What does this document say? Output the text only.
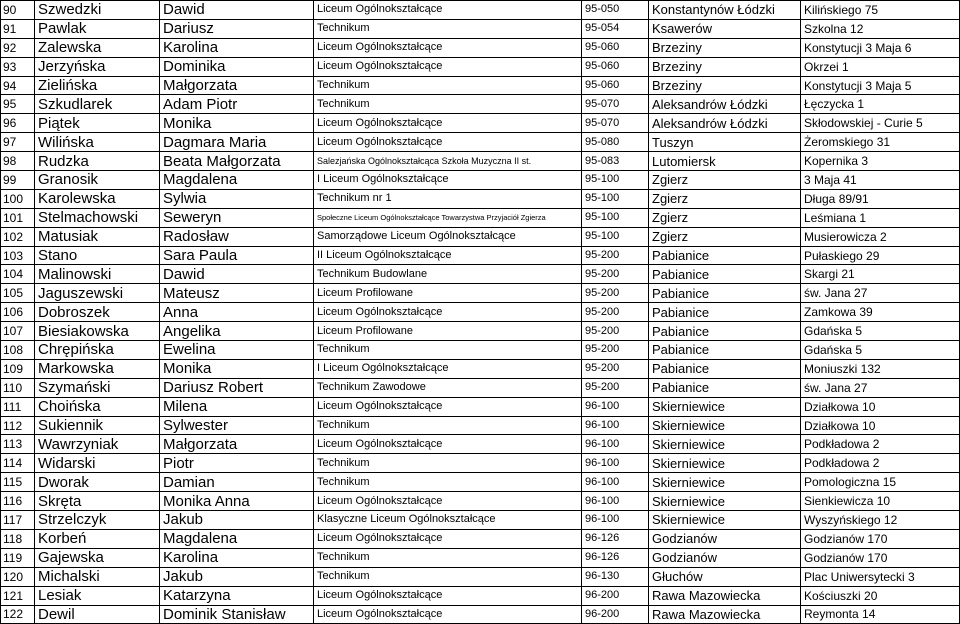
90	Szwedzki	Dawid	Liceum Ogólnokształcące	95-050	Konstantynów Łódzki	Kilińskiego 75
91	Pawlak	Dariusz	Technikum	95-054	Ksawerów	Szkolna 12
92	Zalewska	Karolina	Liceum Ogólnokształcące	95-060	Brzeziny	Konstytucji 3 Maja 6
93	Jerzyńska	Dominika	Liceum Ogólnokształcące	95-060	Brzeziny	Okrzei 1
94	Zielińska	Małgorzata	Technikum	95-060	Brzeziny	Konstytucji 3 Maja 5
95	Szkudlarek	Adam Piotr	Technikum	95-070	Aleksandrów Łódzki	Łęczycka 1
96	Piątek	Monika	Liceum Ogólnokształcące	95-070	Aleksandrów Łódzki	Skłodowskiej - Curie 5
97	Wilińska	Dagmara Maria	Liceum Ogólnokształcące	95-080	Tuszyn	Żeromskiego 31
98	Rudzka	Beata Małgorzata	Salezjańska Ogólnokształcąca Szkoła Muzyczna II st.	95-083	Lutomiersk	Kopernika 3
99	Granosik	Magdalena	I Liceum Ogólnokształcące	95-100	Zgierz	3 Maja 41
100	Karolewska	Sylwia	Technikum nr 1	95-100	Zgierz	Długa 89/91
101	Stelmachowski	Seweryn	Społeczne Liceum Ogólnokształcące Towarzystwa Przyjaciół Zgierza	95-100	Zgierz	Leśmiana 1
102	Matusiak	Radosław	Samorządowe Liceum Ogólnokształcące	95-100	Zgierz	Musierowicza 2
103	Stano	Sara Paula	II Liceum Ogólnokształcące	95-200	Pabianice	Pułaskiego 29
104	Malinowski	Dawid	Technikum Budowlane	95-200	Pabianice	Skargi 21
105	Jaguszewski	Mateusz	Liceum Profilowane	95-200	Pabianice	św. Jana 27
106	Dobroszek	Anna	Liceum Ogólnokształcące	95-200	Pabianice	Zamkowa 39
107	Biesiakowska	Angelika	Liceum Profilowane	95-200	Pabianice	Gdańska 5
108	Chrępińska	Ewelina	Technikum	95-200	Pabianice	Gdańska 5
109	Markowska	Monika	I Liceum Ogólnokształcące	95-200	Pabianice	Moniuszki 132
110	Szymański	Dariusz Robert	Technikum Zawodowe	95-200	Pabianice	św. Jana 27
111	Choińska	Milena	Liceum Ogólnokształcące	96-100	Skierniewice	Działkowa 10
112	Sukiennik	Sylwester	Technikum	96-100	Skierniewice	Działkowa 10
113	Wawrzyniak	Małgorzata	Liceum Ogólnokształcące	96-100	Skierniewice	Podkładowa 2
114	Widarski	Piotr	Technikum	96-100	Skierniewice	Podkładowa 2
115	Dworak	Damian	Technikum	96-100	Skierniewice	Pomologiczna 15
116	Skręta	Monika Anna	Liceum Ogólnokształcące	96-100	Skierniewice	Sienkiewicza 10
117	Strzelczyk	Jakub	Klasyczne Liceum Ogólnokształcące	96-100	Skierniewice	Wyszyńskiego 12
118	Korbeń	Magdalena	Liceum Ogólnokształcące	96-126	Godzianów	Godzianów 170
119	Gajewska	Karolina	Technikum	96-126	Godzianów	Godzianów 170
120	Michalski	Jakub	Technikum	96-130	Głuchów	Plac Uniwersytecki 3
121	Lesiak	Katarzyna	Liceum Ogólnokształcące	96-200	Rawa Mazowiecka	Kościuszki 20
122	Dewil	Dominik Stanisław	Liceum Ogólnokształcące	96-200	Rawa Mazowiecka	Reymonta 14
